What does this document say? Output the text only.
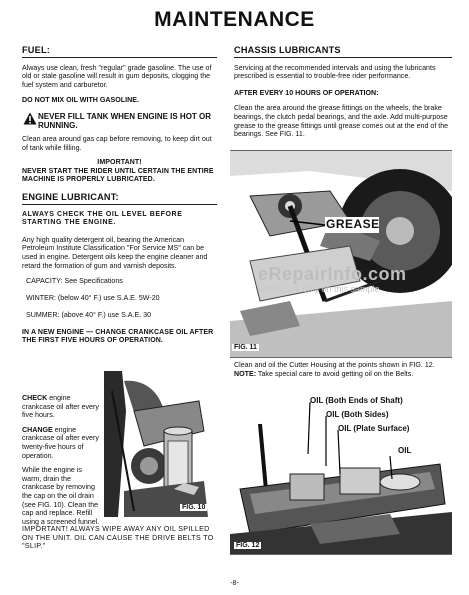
MAINTENANCE
FUEL:

Always use clean, fresh "regular" grade gasoline. The use of old or stale gasoline will result in gum deposits, clogging the fuel system and carburetor.

DO NOT MIX OIL WITH GASOLINE.

NEVER FILL TANK WHEN ENGINE IS HOT OR RUNNING.

Clean area around gas cap before removing, to keep dirt out of tank while filling.

IMPORTANT!
NEVER START THE RIDER UNTIL CERTAIN THE ENTIRE MACHINE IS PROPERLY LUBRICATED.
ENGINE LUBRICANT:

ALWAYS CHECK THE OIL LEVEL BEFORE STARTING THE ENGINE.

Any high quality detergent oil, bearing the American Petroleum Institute Classification "For Service MS" can be used in engine. Detergent oils keep the engine cleaner and retard the formation of gum and varnish deposits.

CAPACITY: See Specifications

WINTER: (below 40° F.) use S.A.E. 5W-20

SUMMER: (above 40° F.) use S.A.E. 30

IN A NEW ENGINE — CHANGE CRANKCASE OIL AFTER THE FIRST FIVE HOURS OF OPERATION.

CHECK engine crankcase oil after every five hours.

CHANGE engine crankcase oil after every twenty-five hours of operation.

While the engine is warm, drain the crankcase by removing the cap on the oil drain (see FIG. 10). Clean the cap and replace. Refill using a screened funnel.

FIG. 10

IMPORTANT! ALWAYS WIPE AWAY ANY OIL SPILLED ON THE UNIT. OIL CAN CAUSE THE DRIVE BELTS TO "SLIP."

CHASSIS LUBRICANTS

Servicing at the recommended intervals and using the lubricants prescribed is essential to trouble-free rider performance.

AFTER EVERY 10 HOURS OF OPERATION:

Clean the area around the grease fittings on the wheels, the brake bearings, the clutch pedal bearings, and the axle. Add multi-purpose grease to the grease fittings until grease comes out at the end of the bearings. See FIG. 11.

GREASE
FIG. 11
eRepairInfo.com
watermark only on this sample

Clean and oil the Cutter Housing at the points shown in FIG. 12. NOTE: Take special care to avoid getting oil on the Belts.

OIL (Both Ends of Shaft)
OIL (Both Sides)
OIL (Plate Surface)
OIL
FIG. 12
-8-
